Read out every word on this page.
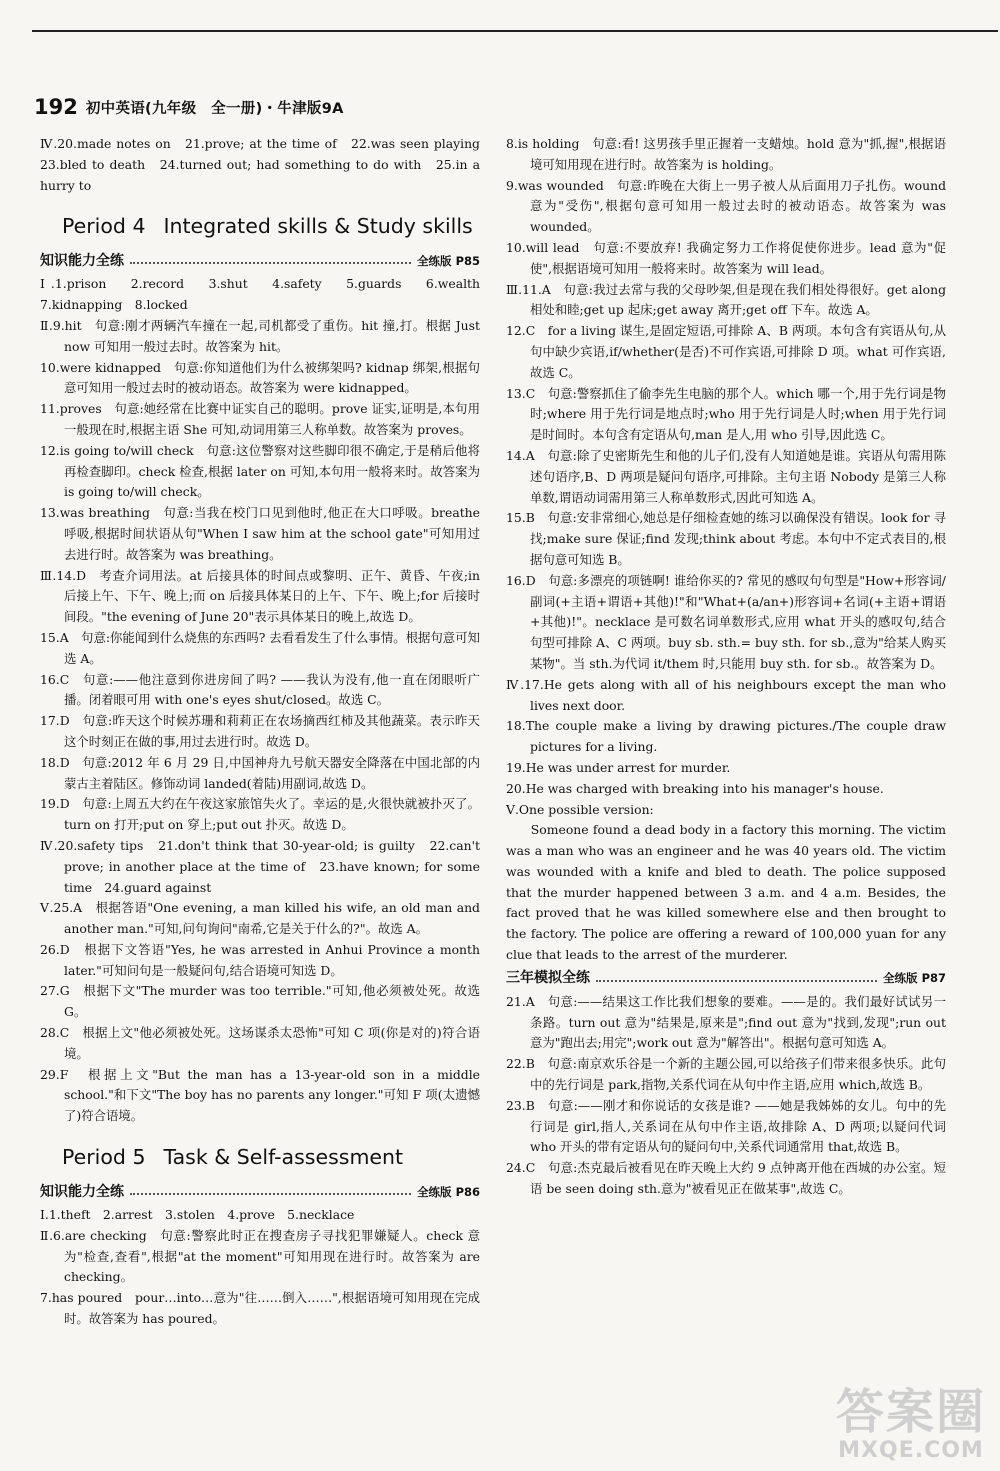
192 初中英语(九年级　全一册)・牛津版9A

Ⅳ.20.made notes on　21.prove; at the time of　22.was seen playing　23.bled to death　24.turned out; had something to do with　25.in a hurry to

Period 4 Integrated skills & Study skills
知识能力全练	全练版 P85

Ⅰ.1.prison　2.record　3.shut　4.safety　5.guards　6.wealth　7.kidnapping　8.locked

Ⅱ.9.hit　句意:刚才两辆汽车撞在一起,司机都受了重伤。hit 撞,打。根据 Just now 可知用一般过去时。故答案为 hit。

10.were kidnapped　句意:你知道他们为什么被绑架吗? kidnap 绑架,根据句意可知用一般过去时的被动语态。故答案为 were kidnapped。

11.proves　句意:她经常在比赛中证实自己的聪明。prove 证实,证明是,本句用一般现在时,根据主语 She 可知,动词用第三人称单数。故答案为 proves。

12.is going to/will check　句意:这位警察对这些脚印很不确定,于是稍后他将再检查脚印。check 检查,根据 later on 可知,本句用一般将来时。故答案为 is going to/will check。

13.was breathing　句意:当我在校门口见到他时,他正在大口呼吸。breathe 呼吸,根据时间状语从句"When I saw him at the school gate"可知用过去进行时。故答案为 was breathing。

Ⅲ.14.D　考查介词用法。at 后接具体的时间点或黎明、正午、黄昏、午夜;in 后接上午、下午、晚上;而 on 后接具体某日的上午、下午、晚上;for 后接时间段。"the evening of June 20"表示具体某日的晚上,故选 D。

15.A　句意:你能闻到什么烧焦的东西吗? 去看看发生了什么事情。根据句意可知选 A。

16.C　句意:——他注意到你进房间了吗? ——我认为没有,他一直在闭眼听广播。闭着眼可用 with one's eyes shut/closed。故选 C。

17.D　句意:昨天这个时候苏珊和莉莉正在农场摘西红柿及其他蔬菜。表示昨天这个时刻正在做的事,用过去进行时。故选 D。

18.D　句意:2012 年 6 月 29 日,中国神舟九号航天器安全降落在中国北部的内蒙古主着陆区。修饰动词 landed(着陆)用副词,故选 D。

19.D　句意:上周五大约在午夜这家旅馆失火了。幸运的是,火很快就被扑灭了。turn on 打开;put on 穿上;put out 扑灭。故选 D。

Ⅳ.20.safety tips　21.don't think that 30-year-old; is guilty　22.can't prove; in another place at the time of　23.have known; for some time　24.guard against

Ⅴ.25.A　根据答语"One evening, a man killed his wife, an old man and another man."可知,问句询问"南希,它是关于什么的?"。故选 A。

26.D　根据下文答语"Yes, he was arrested in Anhui Province a month later."可知问句是一般疑问句,结合语境可知选 D。

27.G　根据下文"The murder was too terrible."可知,他必须被处死。故选 G。

28.C　根据上文"他必须被处死。这场谋杀太恐怖"可知 C 项(你是对的)符合语境。

29.F　根据上文"But the man has a 13-year-old son in a middle school."和下文"The boy has no parents any longer."可知 F 项(太遗憾了)符合语境。

Period 5 Task & Self-assessment
知识能力全练	全练版 P86

Ⅰ.1.theft　2.arrest　3.stolen　4.prove　5.necklace

Ⅱ.6.are checking　句意:警察此时正在搜查房子寻找犯罪嫌疑人。check 意为"检查,查看",根据"at the moment"可知用现在进行时。故答案为 are checking。

7.has poured　pour…into…意为"往……倒入……",根据语境可知用现在完成时。故答案为 has poured。

8.is holding　句意:看! 这男孩手里正握着一支蜡烛。hold 意为"抓,握",根据语境可知用现在进行时。故答案为 is holding。

9.was wounded　句意:昨晚在大街上一男子被人从后面用刀子扎伤。wound 意为"受伤",根据句意可知用一般过去时的被动语态。故答案为 was wounded。

10.will lead　句意:不要放弃! 我确定努力工作将促使你进步。lead 意为"促使",根据语境可知用一般将来时。故答案为 will lead。

Ⅲ.11.A　句意:我过去常与我的父母吵架,但是现在我们相处得很好。get along 相处和睦;get up 起床;get away 离开;get off 下车。故选 A。

12.C　for a living 谋生,是固定短语,可排除 A、B 两项。本句含有宾语从句,从句中缺少宾语,if/whether(是否)不可作宾语,可排除 D 项。what 可作宾语,故选 C。

13.C　句意:警察抓住了偷李先生电脑的那个人。which 哪一个,用于先行词是物时;where 用于先行词是地点时;who 用于先行词是人时;when 用于先行词是时间时。本句含有定语从句,man 是人,用 who 引导,因此选 C。

14.A　句意:除了史密斯先生和他的儿子们,没有人知道她是谁。宾语从句需用陈述句语序,B、D 两项是疑问句语序,可排除。主句主语 Nobody 是第三人称单数,谓语动词需用第三人称单数形式,因此可知选 A。

15.B　句意:安非常细心,她总是仔细检查她的练习以确保没有错误。look for 寻找;make sure 保证;find 发现;think about 考虑。本句中不定式表目的,根据句意可知选 B。

16.D　句意:多漂亮的项链啊! 谁给你买的? 常见的感叹句句型是"How+形容词/副词(+主语+谓语+其他)!"和"What+(a/an+)形容词+名词(+主语+谓语+其他)!"。necklace 是可数名词单数形式,应用 what 开头的感叹句,结合句型可排除 A、C 两项。buy sb. sth.= buy sth. for sb.,意为"给某人购买某物"。当 sth.为代词 it/them 时,只能用 buy sth. for sb.。故答案为 D。

Ⅳ.17.He gets along with all of his neighbours except the man who lives next door.

18.The couple make a living by drawing pictures./The couple draw pictures for a living.

19.He was under arrest for murder.

20.He was charged with breaking into his manager's house.

Ⅴ.One possible version:

Someone found a dead body in a factory this morning. The victim was a man who was an engineer and he was 40 years old. The victim was wounded with a knife and bled to death. The police supposed that the murder happened between 3 a.m. and 4 a.m. Besides, the fact proved that he was killed somewhere else and then brought to the factory. The police are offering a reward of 100,000 yuan for any clue that leads to the arrest of the murderer.

三年模拟全练	全练版 P87

21.A　句意:——结果这工作比我们想象的要难。——是的。我们最好试试另一条路。turn out 意为"结果是,原来是";find out 意为"找到,发现";run out 意为"跑出去;用完";work out 意为"解答出"。根据句意可知选 A。

22.B　句意:南京欢乐谷是一个新的主题公园,可以给孩子们带来很多快乐。此句中的先行词是 park,指物,关系代词在从句中作主语,应用 which,故选 B。

23.B　句意:——刚才和你说话的女孩是谁? ——她是我姊姊的女儿。句中的先行词是 girl,指人,关系词在从句中作主语,故排除 A、D 两项;以疑问代词 who 开头的带有定语从句的疑问句中,关系代词通常用 that,故选 B。

24.C　句意:杰克最后被看见在昨天晚上大约 9 点钟离开他在西城的办公室。短语 be seen doing sth.意为"被看见正在做某事",故选 C。

答案圈
MXQE.COM
